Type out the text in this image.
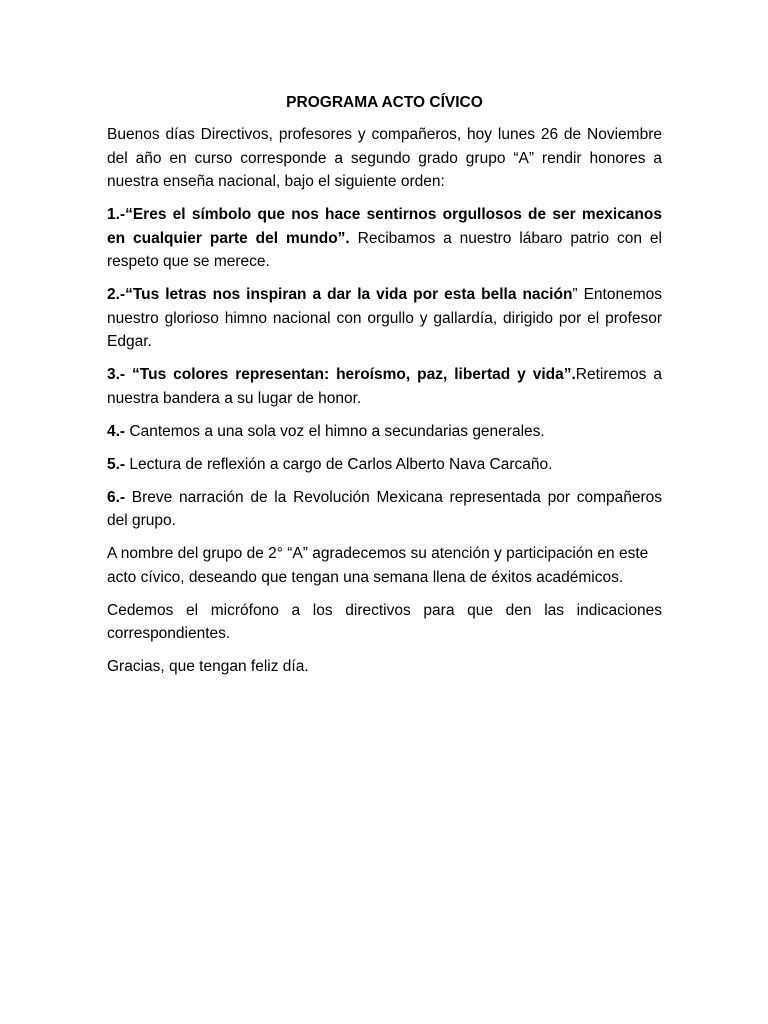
PROGRAMA ACTO CÍVICO

Buenos días Directivos, profesores y compañeros, hoy lunes 26 de Noviembre del año en curso corresponde a segundo grado grupo “A” rendir honores a nuestra enseña nacional, bajo el siguiente orden:

1.-“Eres el símbolo que nos hace sentirnos orgullosos de ser mexicanos en cualquier parte del mundo”. Recibamos a nuestro lábaro patrio con el respeto que se merece.

2.-“Tus letras nos inspiran a dar la vida por esta bella nación” Entonemos nuestro glorioso himno nacional con orgullo y gallardía, dirigido por el profesor Edgar.

3.- “Tus colores representan: heroísmo, paz, libertad y vida”.Retiremos a nuestra bandera a su lugar de honor.

4.- Cantemos a una sola voz el himno a secundarias generales.

5.- Lectura de reflexión a cargo de Carlos Alberto Nava Carcaño.

6.- Breve narración de la Revolución Mexicana representada por compañeros del grupo.

A nombre del grupo de 2° “A” agradecemos su atención y participación en este acto cívico, deseando que tengan una semana llena de éxitos académicos.

Cedemos el micrófono a los directivos para que den las indicaciones correspondientes.

Gracias, que tengan feliz día.
